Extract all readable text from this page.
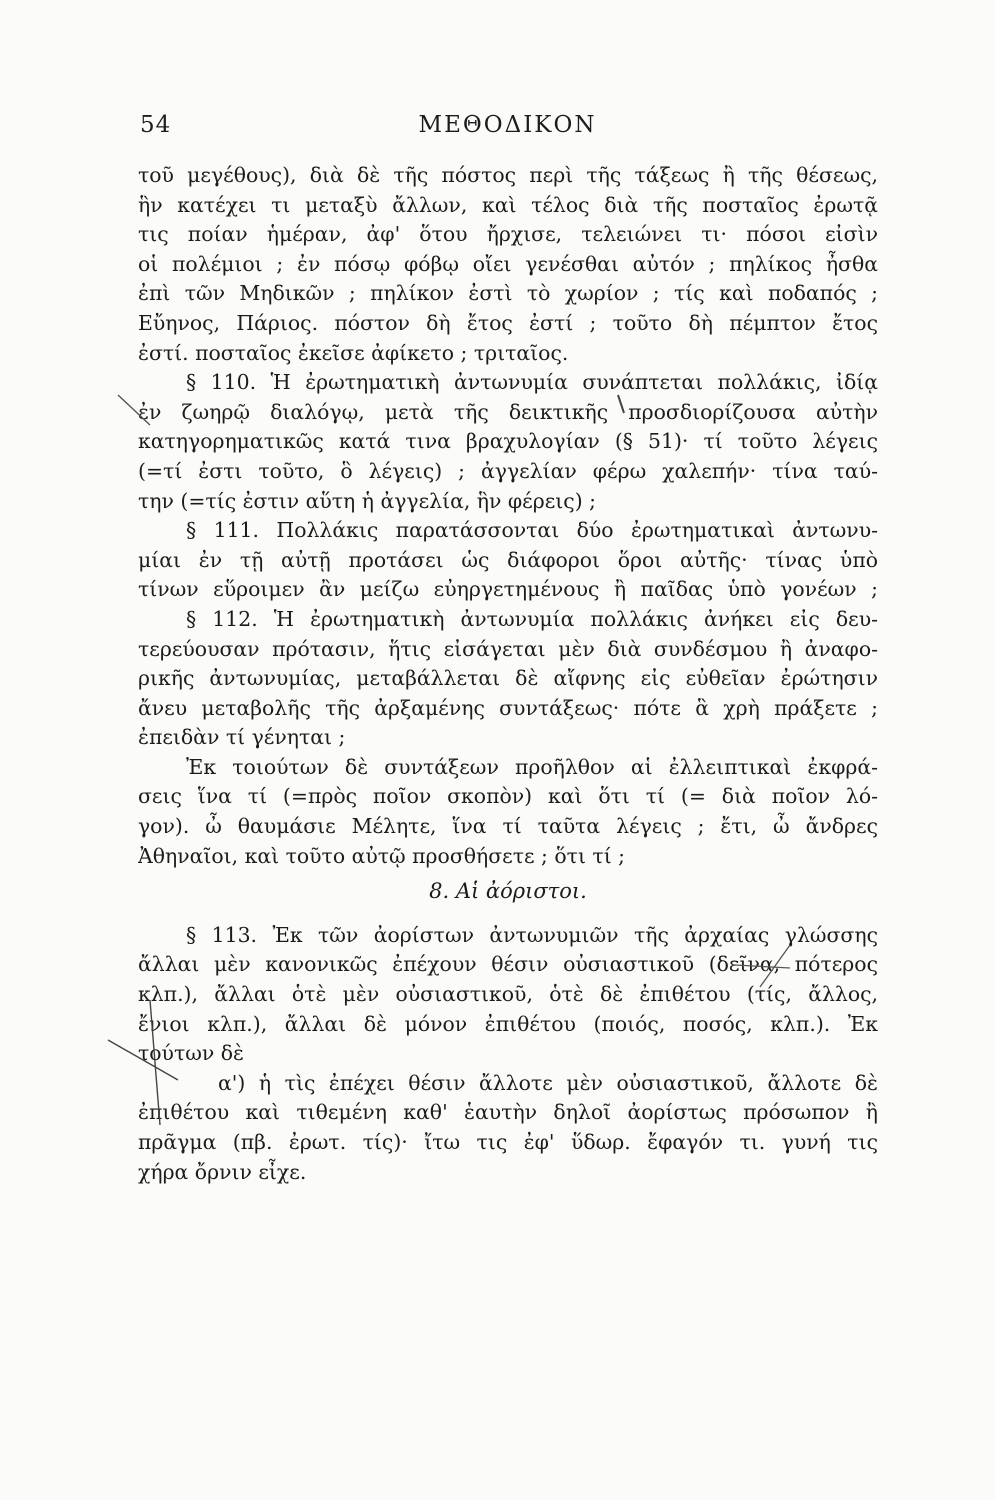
54	ΜΕΘΟΔΙΚΟΝ
τοῦ μεγέθους), διὰ δὲ τῆς πόστος περὶ τῆς τάξεως ἢ τῆς θέσεως,
ἣν κατέχει τι μεταξὺ ἄλλων, καὶ τέλος διὰ τῆς ποσταῖος ἐρωτᾷ
τις ποίαν ἡμέραν, ἀφ' ὅτου ἤρχισε, τελειώνει τι· πόσοι εἰσὶν
οἱ πολέμιοι ; ἐν πόσῳ φόβῳ οἴει γενέσθαι αὐτόν ; πηλίκος ἦσθα
ἐπὶ τῶν Μηδικῶν ; πηλίκον ἐστὶ τὸ χωρίον ; τίς καὶ ποδαπός ;
Εὔηνος, Πάριος. πόστον δὴ ἔτος ἐστί ; τοῦτο δὴ πέμπτον ἔτος
ἐστί. ποσταῖος ἐκεῖσε ἀφίκετο ; τριταῖος.
§ 110. Ἡ ἐρωτηματικὴ ἀντωνυμία συνάπτεται πολλάκις, ἰδίᾳ
ἐν ζωηρῷ διαλόγῳ, μετὰ τῆς δεικτικῆς προσδιορίζουσα αὐτὴν
κατηγορηματικῶς κατά τινα βραχυλογίαν (§ 51)· τί τοῦτο λέγεις
(=τί ἐστι τοῦτο, ὃ λέγεις) ; ἀγγελίαν φέρω χαλεπήν· τίνα ταύ-
την (=τίς ἐστιν αὕτη ἡ ἀγγελία, ἣν φέρεις) ;
§ 111. Πολλάκις παρατάσσονται δύο ἐρωτηματικαὶ ἀντωνυ-
μίαι ἐν τῇ αὐτῇ προτάσει ὡς διάφοροι ὅροι αὐτῆς· τίνας ὑπὸ
τίνων εὕροιμεν ἂν μείζω εὐηργετημένους ἢ παῖδας ὑπὸ γονέων ;
§ 112. Ἡ ἐρωτηματικὴ ἀντωνυμία πολλάκις ἀνήκει εἰς δευ-
τερεύουσαν πρότασιν, ἥτις εἰσάγεται μὲν διὰ συνδέσμου ἢ ἀναφο-
ρικῆς ἀντωνυμίας, μεταβάλλεται δὲ αἴφνης εἰς εὐθεῖαν ἐρώτησιν
ἄνευ μεταβολῆς τῆς ἀρξαμένης συντάξεως· πότε ἃ χρὴ πράξετε ;
ἐπειδὰν τί γένηται ;
Ἐκ τοιούτων δὲ συντάξεων προῆλθον αἱ ἐλλειπτικαὶ ἐκφρά-
σεις ἵνα τί (=πρὸς ποῖον σκοπὸν) καὶ ὅτι τί (= διὰ ποῖον λό-
γον). ὦ θαυμάσιε Μέλητε, ἵνα τί ταῦτα λέγεις ; ἔτι, ὦ ἄνδρες
Ἀθηναῖοι, καὶ τοῦτο αὐτῷ προσθήσετε ; ὅτι τί ;
8. Αἱ ἀόριστοι.
§ 113. Ἐκ τῶν ἀορίστων ἀντωνυμιῶν τῆς ἀρχαίας γλώσσης
ἄλλαι μὲν κανονικῶς ἐπέχουν θέσιν οὐσιαστικοῦ (δεῖνα, πότερος
κλπ.), ἄλλαι ὁτὲ μὲν οὐσιαστικοῦ, ὁτὲ δὲ ἐπιθέτου (τίς, ἄλλος,
ἔνιοι κλπ.), ἄλλαι δὲ μόνον ἐπιθέτου (ποιός, ποσός, κλπ.). Ἐκ
τούτων δὲ
α') ἡ τὶς ἐπέχει θέσιν ἄλλοτε μὲν οὐσιαστικοῦ, ἄλλοτε δὲ
ἐπιθέτου καὶ τιθεμένη καθ' ἑαυτὴν δηλοῖ ἀορίστως πρόσωπον ἢ
πρᾶγμα (πβ. ἐρωτ. τίς)· ἴτω τις ἐφ' ὕδωρ. ἔφαγόν τι. γυνή τις
χήρα ὄρνιν εἶχε.
